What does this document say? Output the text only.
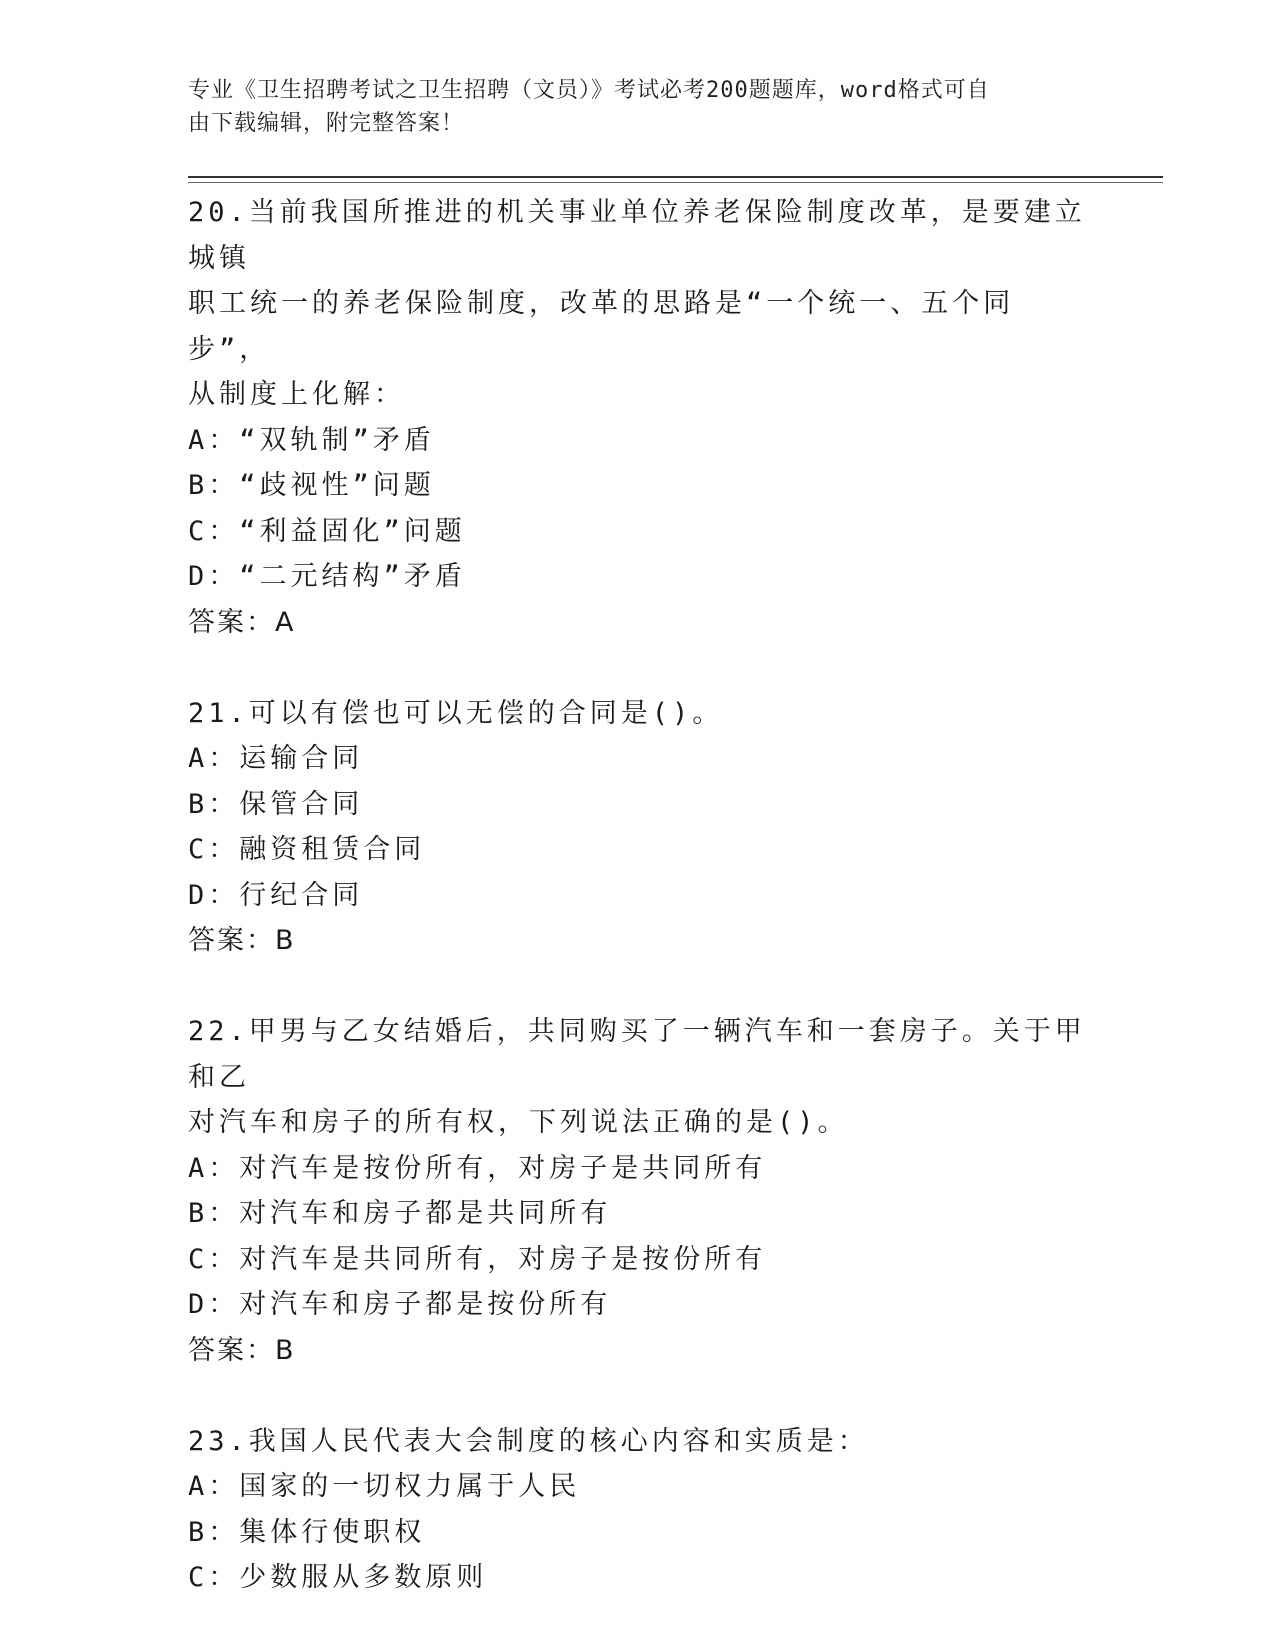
专业《卫生招聘考试之卫生招聘（文员）》考试必考200题题库，word格式可自
由下载编辑，附完整答案！
20.当前我国所推进的机关事业单位养老保险制度改革，是要建立城镇
职工统一的养老保险制度，改革的思路是“一个统一、五个同步”，
从制度上化解：
A：“双轨制”矛盾
B：“歧视性”问题
C：“利益固化”问题
D：“二元结构”矛盾
答案：A
21.可以有偿也可以无偿的合同是()。
A：运输合同
B：保管合同
C：融资租赁合同
D：行纪合同
答案：B
22.甲男与乙女结婚后，共同购买了一辆汽车和一套房子。关于甲和乙
对汽车和房子的所有权，下列说法正确的是()。
A：对汽车是按份所有，对房子是共同所有
B：对汽车和房子都是共同所有
C：对汽车是共同所有，对房子是按份所有
D：对汽车和房子都是按份所有
答案：B
23.我国人民代表大会制度的核心内容和实质是：
A：国家的一切权力属于人民
B：集体行使职权
C：少数服从多数原则
